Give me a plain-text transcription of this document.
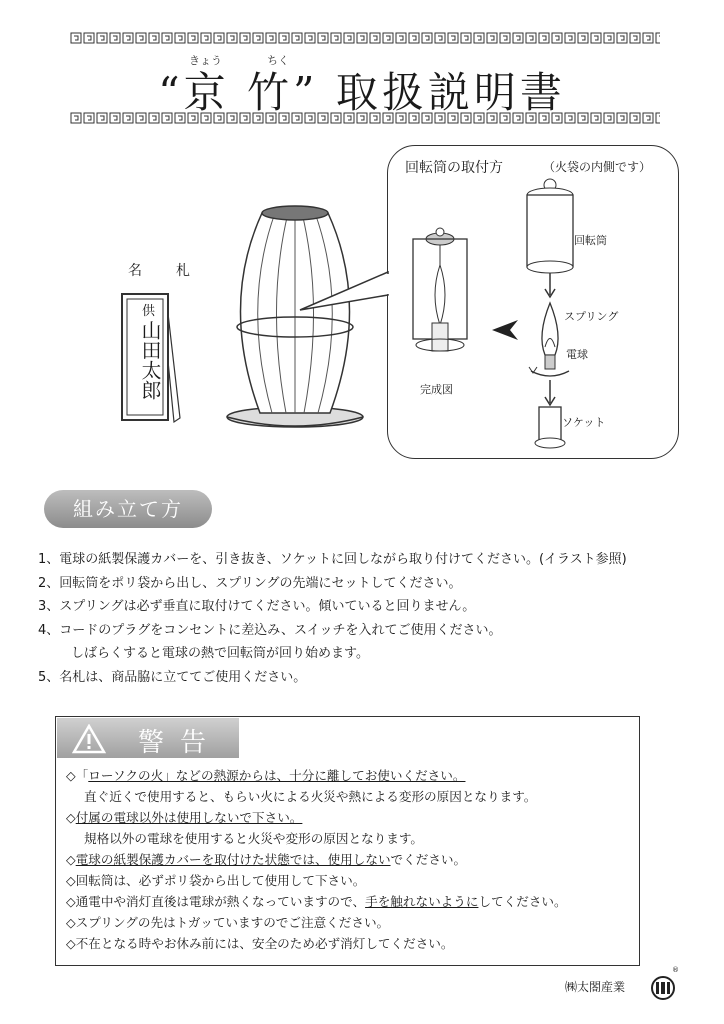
きょう	ちく
“京 竹” 取扱説明書
名　札
供
山田太郎
回転筒の取付方	（火袋の内側です）
完成図
回転筒
スプリング
電球
ソケット
組み立て方
1、電球の紙製保護カバーを、引き抜き、ソケットに回しながら取り付けてください。(イラスト参照)
2、回転筒をポリ袋から出し、スプリングの先端にセットしてください。
3、スプリングは必ず垂直に取付けてください。傾いていると回りません。
4、コードのプラグをコンセントに差込み、スイッチを入れてご使用ください。
しばらくすると電球の熱で回転筒が回り始めます。
5、名札は、商品脇に立ててご使用ください。
警告
◇「ローソクの火」などの熱源からは、十分に離してお使いください。
直ぐ近くで使用すると、もらい火による火災や熱による変形の原因となります。
◇付属の電球以外は使用しないで下さい。
規格以外の電球を使用すると火災や変形の原因となります。
◇電球の紙製保護カバーを取付けた状態では、使用しないでください。
◇回転筒は、必ずポリ袋から出して使用して下さい。
◇通電中や消灯直後は電球が熱くなっていますので、手を触れないようにしてください。
◇スプリングの先はトガッていますのでご注意ください。
◇不在となる時やお休み前には、安全のため必ず消灯してください。
㈱太閤産業
®
